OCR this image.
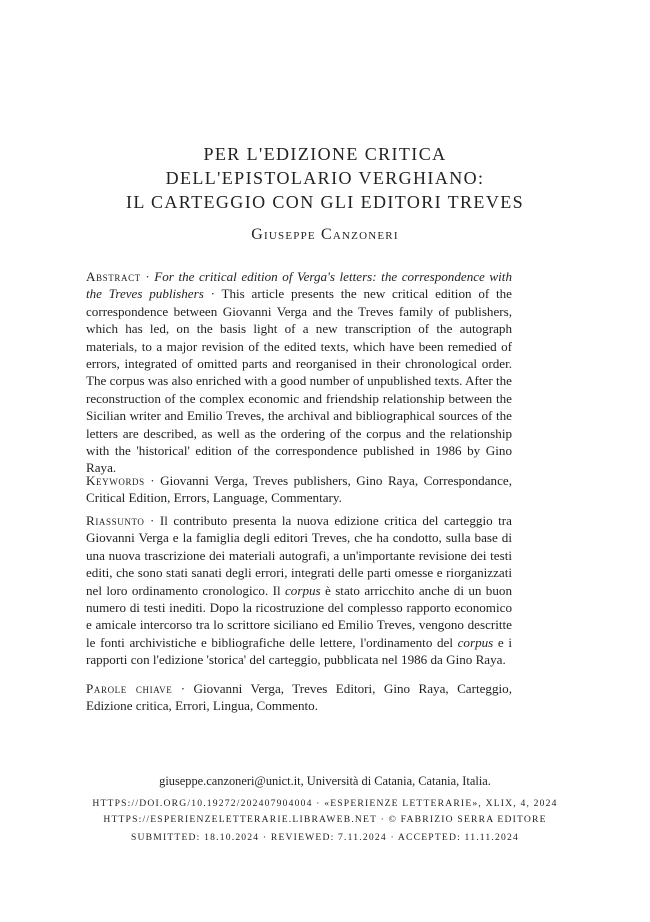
PER L'EDIZIONE CRITICA
DELL'EPISTOLARIO VERGHIANO:
IL CARTEGGIO CON GLI EDITORI TREVES
Giuseppe Canzoneri
Abstract · For the critical edition of Verga's letters: the correspondence with the Treves publishers · This article presents the new critical edition of the correspondence between Giovanni Verga and the Treves family of publishers, which has led, on the basis light of a new transcription of the autograph materials, to a major revision of the edited texts, which have been remedied of errors, integrated of omitted parts and reorganised in their chronological order. The corpus was also enriched with a good number of unpublished texts. After the reconstruction of the complex economic and friendship relationship between the Sicilian writer and Emilio Treves, the archival and bibliographical sources of the letters are described, as well as the ordering of the corpus and the relationship with the 'historical' edition of the correspondence published in 1986 by Gino Raya.
Keywords · Giovanni Verga, Treves publishers, Gino Raya, Correspondance, Critical Edition, Errors, Language, Commentary.
Riassunto · Il contributo presenta la nuova edizione critica del carteggio tra Giovanni Verga e la famiglia degli editori Treves, che ha condotto, sulla base di una nuova trascrizione dei materiali autografi, a un'importante revisione dei testi editi, che sono stati sanati degli errori, integrati delle parti omesse e riorganizzati nel loro ordinamento cronologico. Il corpus è stato arricchito anche di un buon numero di testi inediti. Dopo la ricostruzione del complesso rapporto economico e amicale intercorso tra lo scrittore siciliano ed Emilio Treves, vengono descritte le fonti archivistiche e bibliografiche delle lettere, l'ordinamento del corpus e i rapporti con l'edizione 'storica' del carteggio, pubblicata nel 1986 da Gino Raya.
Parole chiave · Giovanni Verga, Treves Editori, Gino Raya, Carteggio, Edizione critica, Errori, Lingua, Commento.
giuseppe.canzoneri@unict.it, Università di Catania, Catania, Italia.
HTTPS://DOI.ORG/10.19272/202407904004 · «ESPERIENZE LETTERARIE», XLIX, 4, 2024
HTTPS://ESPERIENZELETTERARIE.LIBRAWEB.NET · © FABRIZIO SERRA EDITORE
SUBMITTED: 18.10.2024 · REVIEWED: 7.11.2024 · ACCEPTED: 11.11.2024
